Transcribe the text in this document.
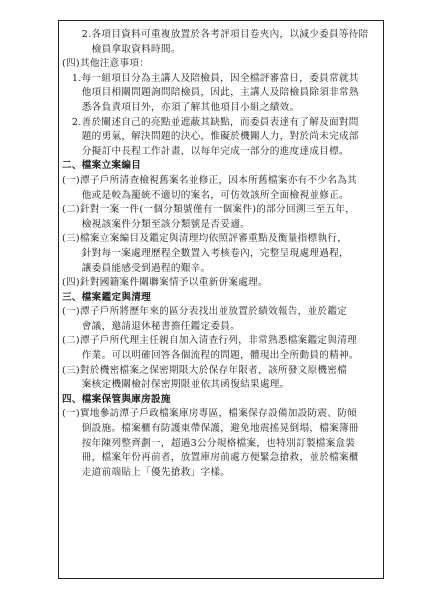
　　2.各項目資料可重複放置於各考評項目卷夾內，以減少委員等待陪
　　　檢員拿取資料時間。
(四)其他注意事項：
　1.每一組項目分為主講人及陪檢員，因全檔評審當日，委員常就其
　　他項目相關問題詢問陪檢員，因此，主講人及陪檢員除須非常熟
　　悉各負責項目外，亦須了解其他項目小組之績效。
　2.善於闡述自己的亮點並遮蔽其缺點，而委員表達有了解及面對問
　　題的勇氣，解決問題的決心，惟礙於機關人力，對於尚未完成部
　　分擬訂中長程工作計畫，以每年完成一部分的進度達成目標。
二、檔案立案編目
(一)潭子戶所清查檢視舊案名並修正，因本所舊檔案亦有不少名為其
　　他或是較為籠統不適切的案名，可仿效該所全面檢視並修正。
(二)針對一案一件(一個分類號僅有一個案件)的部分回溯三至五年，
　　檢視該案件分類至該分類號是否妥適。
(三)檔案立案編目及鑑定與清理均依照評審重點及衡量指標執行，
　　針對每一案處理歷程全數置入考核卷內，完整呈現處理過程，
　　讓委員能感受到過程的艱辛。
(四)針對國籍案件關聯案情予以重新併案處理。
三、檔案鑑定與清理
(一)潭子戶所將歷年來的區分表找出並放置於績效報告，並於鑑定
　　會議，邀請退休秘書擔任鑑定委員。
(二)潭子戶所代理主任親自加入清查行列，非常熟悉檔案鑑定與清理
　　作業。可以明確回答各個流程的問題，體現出全所動員的精神。
(三)對於機密檔案之保密期限大於保存年限者，該所發文原機密檔
　　案核定機關檢討保密期限並依其函復結果處理。
四、檔案保管與庫房設施
(一)實地參訪潭子戶政檔案庫房專區，檔案保存設備加設防震、防傾
　　倒設施。檔案櫃有防護東帶保護，避免地震搖晃倒塌，檔案簿冊
　　按年陳列整齊劃一，超過3公分規格檔案，也特別訂製檔案盒裝
　　冊，檔案年份再前者，放置庫房前處方便緊急搶救，並於檔案櫃
　　走道前端貼上「優先搶救」字樣。
